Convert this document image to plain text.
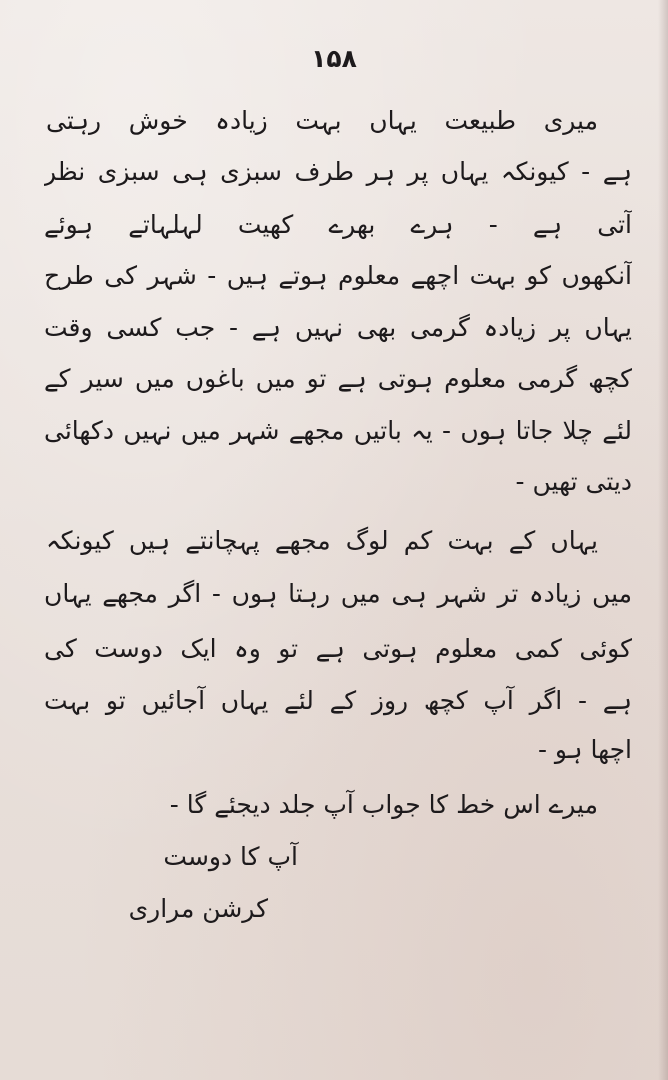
۱۵۸
میری طبیعت یہاں بہت زیادہ خوش رہتی
ہے - کیونکہ یہاں پر ہر طرف سبزی ہی سبزی نظر
آتی ہے - ہرے بھرے کھیت لہلہاتے ہوئے
آنکھوں کو بہت اچھے معلوم ہوتے ہیں - شہر کی طرح
یہاں پر زیادہ گرمی بھی نہیں ہے - جب کسی وقت
کچھ گرمی معلوم ہوتی ہے تو میں باغوں میں سیر کے
لئے چلا جاتا ہوں - یہ باتیں مجھے شہر میں نہیں دکھائی
دیتی تھیں -
یہاں کے بہت کم لوگ مجھے پہچانتے ہیں کیونکہ
میں زیادہ تر شہر ہی میں رہتا ہوں - اگر مجھے یہاں
کوئی کمی معلوم ہوتی ہے تو وہ ایک دوست کی
ہے - اگر آپ کچھ روز کے لئے یہاں آجائیں تو بہت
اچھا ہو -
میرے اس خط کا جواب آپ جلد دیجئے گا -
آپ کا دوست
کرشن مراری
